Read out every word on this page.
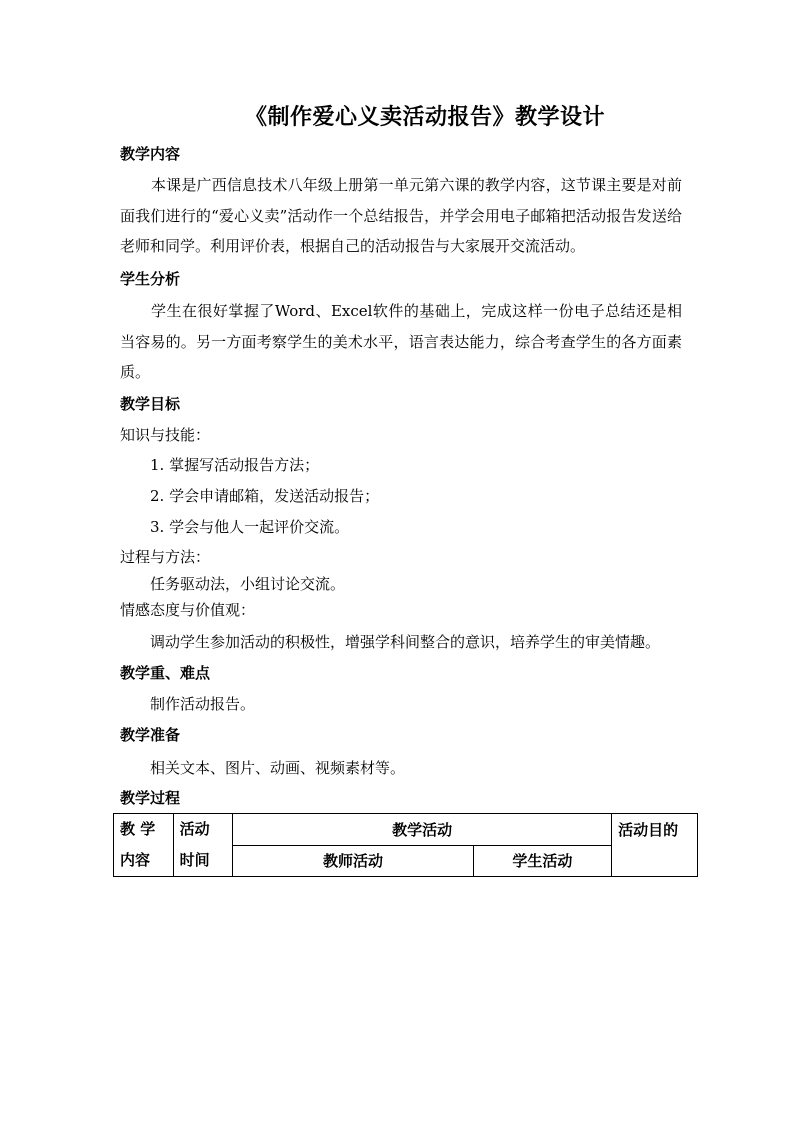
《制作爱心义卖活动报告》教学设计
教学内容
本课是广西信息技术八年级上册第一单元第六课的教学内容，这节课主要是对前面我们进行的“爱心义卖”活动作一个总结报告，并学会用电子邮箱把活动报告发送给老师和同学。利用评价表，根据自己的活动报告与大家展开交流活动。
学生分析
学生在很好掌握了Word、Excel软件的基础上，完成这样一份电子总结还是相当容易的。另一方面考察学生的美术水平，语言表达能力，综合考查学生的各方面素质。
教学目标
知识与技能：
1. 掌握写活动报告方法；
2. 学会申请邮箱，发送活动报告；
3. 学会与他人一起评价交流。
过程与方法：
任务驱动法，小组讨论交流。
情感态度与价值观：
调动学生参加活动的积极性，增强学科间整合的意识，培养学生的审美情趣。
教学重、难点
制作活动报告。
教学准备
相关文本、图片、动画、视频素材等。
教学过程
教 学 内容	活动 时间	教学活动		活动目的
		教师活动	学生活动	
